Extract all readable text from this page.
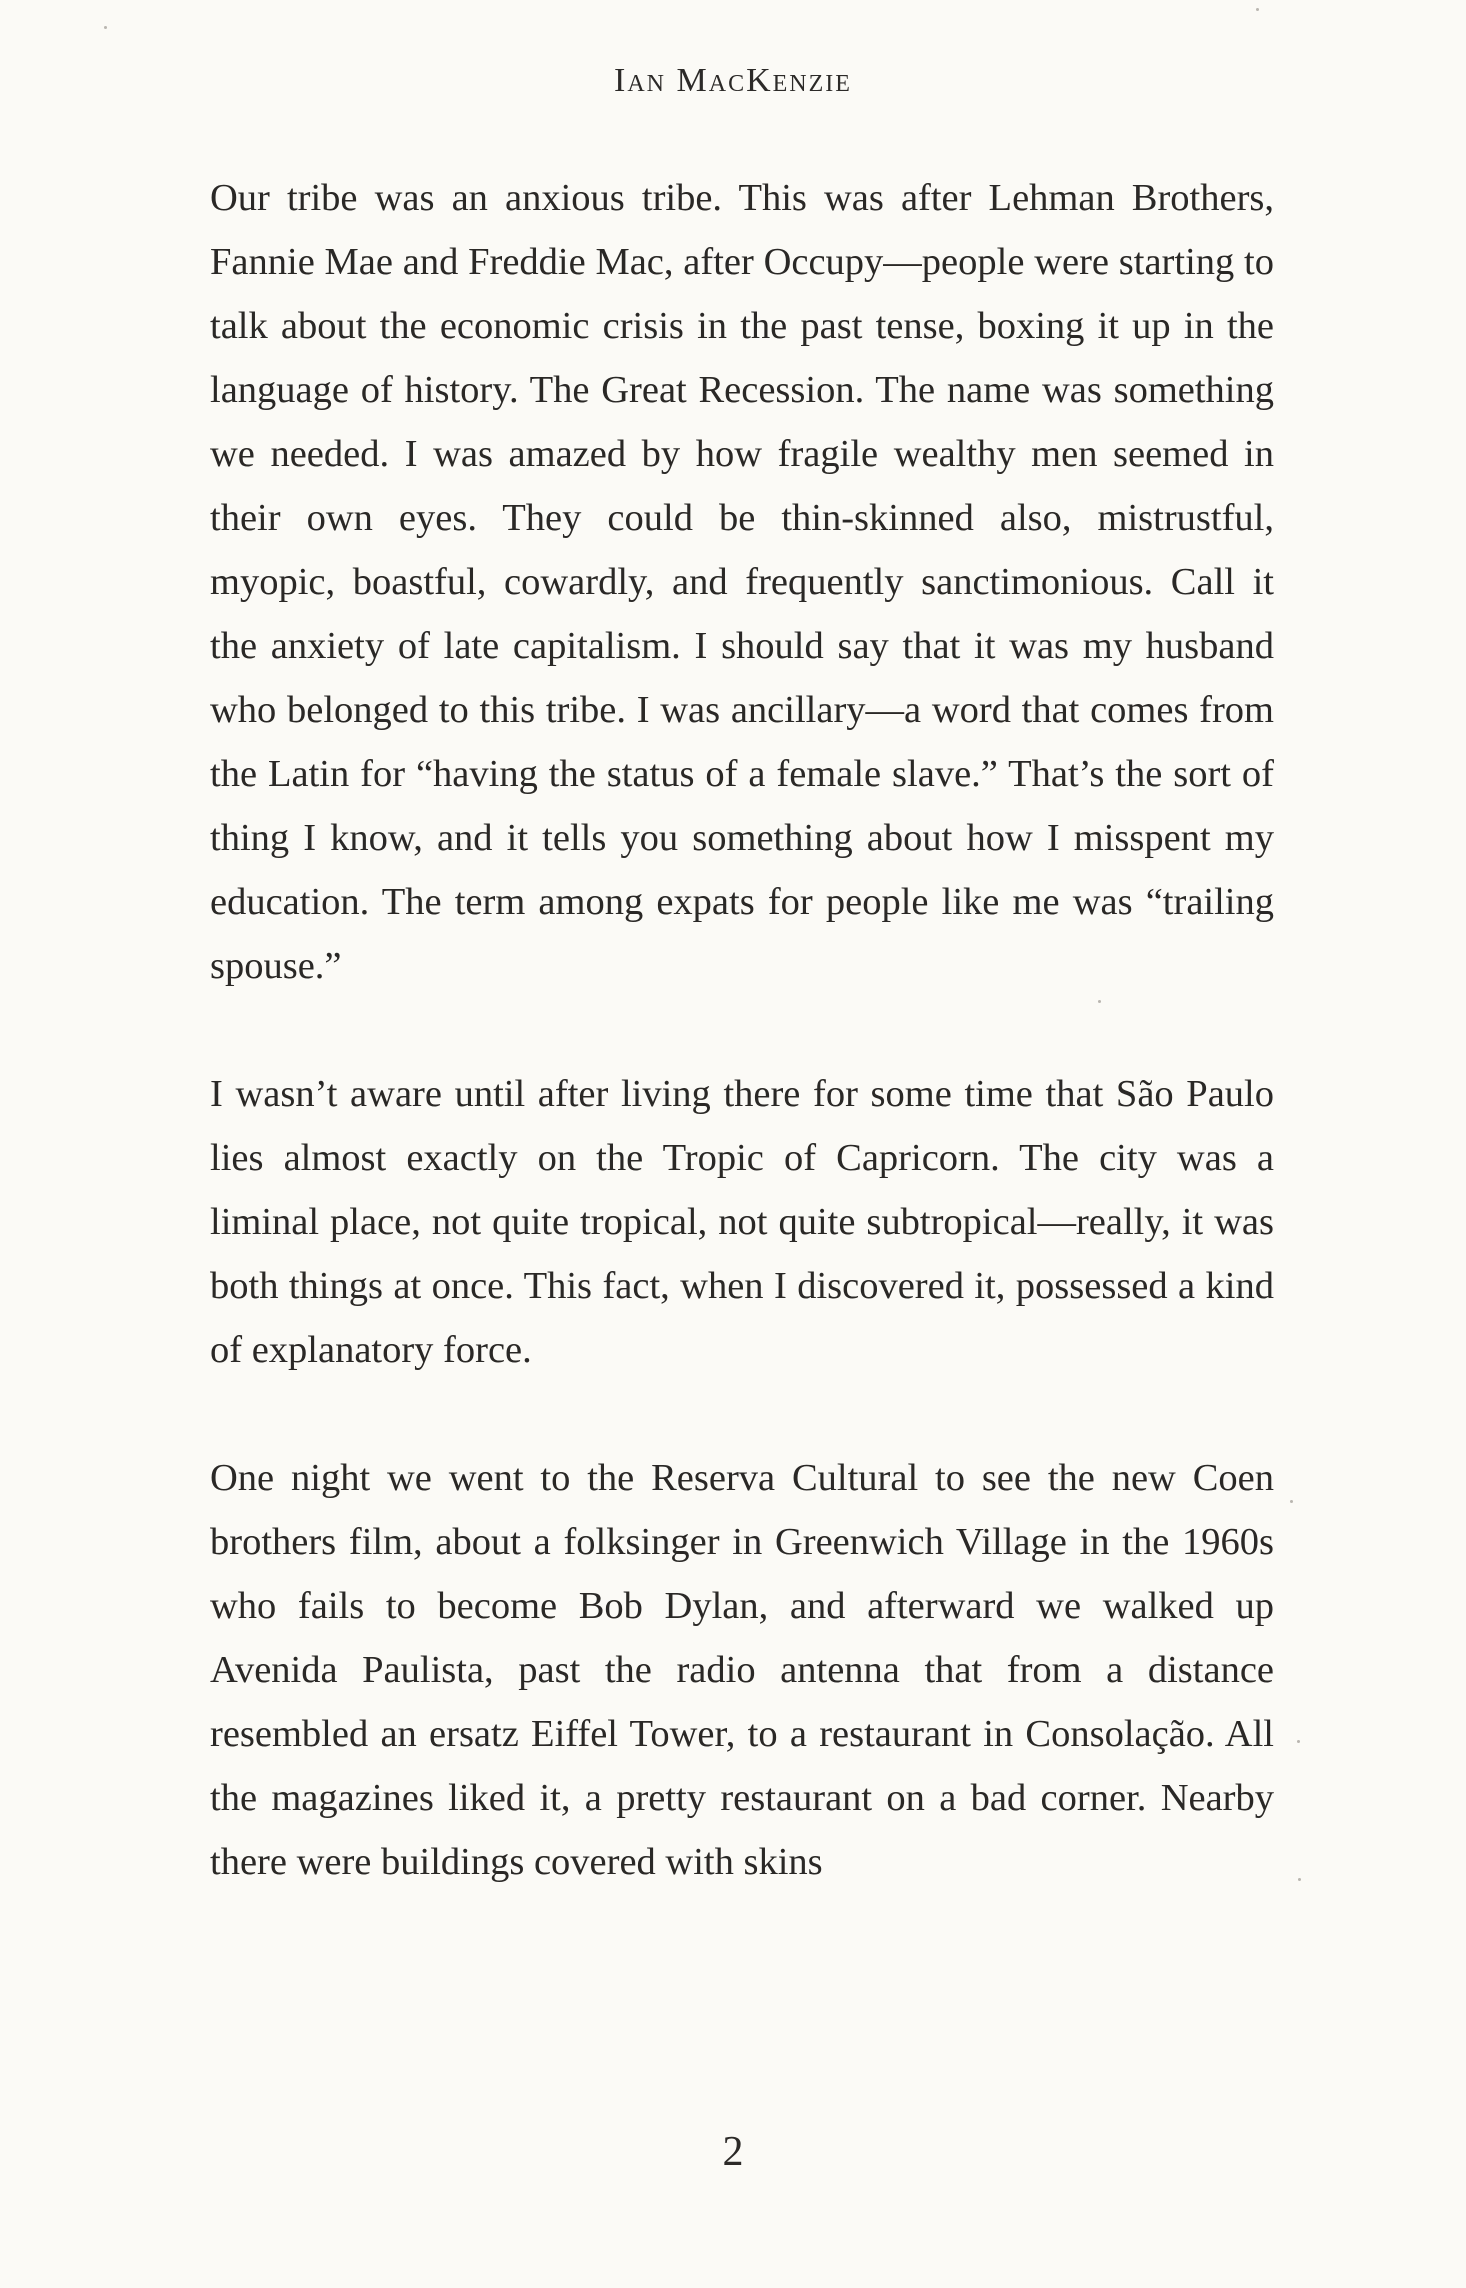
Ian MacKenzie

Our tribe was an anxious tribe. This was after Lehman Brothers, Fannie Mae and Freddie Mac, after Occupy—people were starting to talk about the economic crisis in the past tense, boxing it up in the language of history. The Great Recession. The name was something we needed. I was amazed by how fragile wealthy men seemed in their own eyes. They could be thin-skinned also, mistrustful, myopic, boastful, cowardly, and frequently sanctimonious. Call it the anxiety of late capitalism. I should say that it was my husband who belonged to this tribe. I was ancillary—a word that comes from the Latin for “having the status of a female slave.” That’s the sort of thing I know, and it tells you something about how I misspent my education. The term among expats for people like me was “trailing spouse.”

I wasn’t aware until after living there for some time that São Paulo lies almost exactly on the Tropic of Capricorn. The city was a liminal place, not quite tropical, not quite subtropical—really, it was both things at once. This fact, when I discovered it, possessed a kind of explanatory force.

One night we went to the Reserva Cultural to see the new Coen brothers film, about a folksinger in Greenwich Village in the 1960s who fails to become Bob Dylan, and afterward we walked up Avenida Paulista, past the radio antenna that from a distance resembled an ersatz Eiffel Tower, to a restaurant in Consolação. All the magazines liked it, a pretty restaurant on a bad corner. Nearby there were buildings covered with skins

2
